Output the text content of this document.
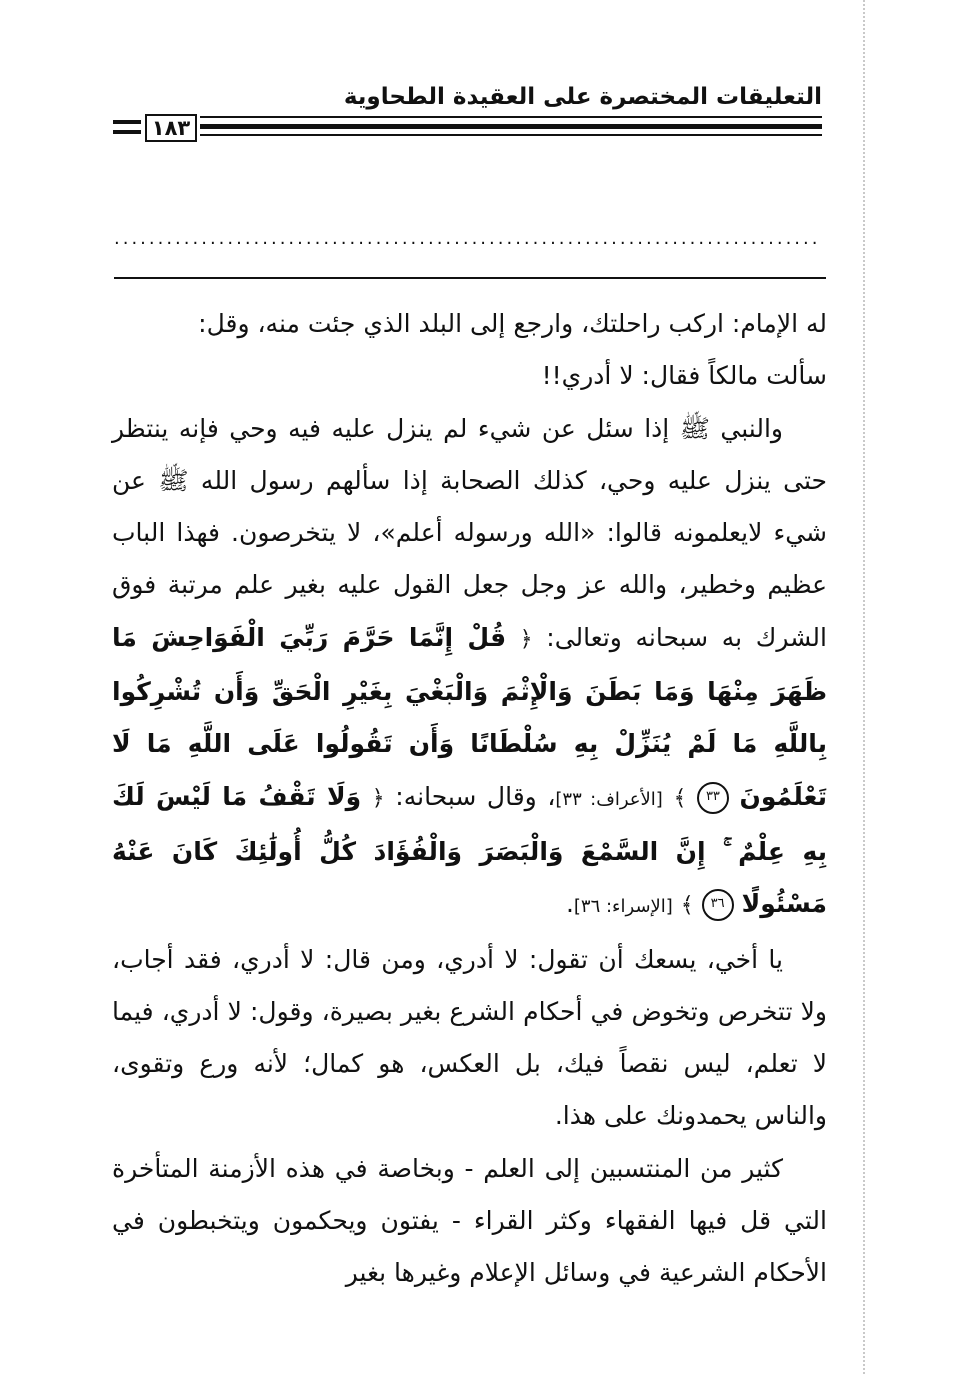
التعليقات المختصرة على العقيدة الطحاوية
١٨٣
.................................................................................

له الإمام: اركب راحلتك، وارجع إلى البلد الذي جئت منه، وقل:
سألت مالكاً فقال: لا أدري!!

والنبي ﷺ إذا سئل عن شيء لم ينزل عليه فيه وحي فإنه ينتظر حتى ينزل عليه وحي، كذلك الصحابة إذا سألهم رسول الله ﷺ عن شيء لايعلمونه قالوا: «الله ورسوله أعلم»، لا يتخرصون. فهذا الباب عظيم وخطير، والله عز وجل جعل القول عليه بغير علم مرتبة فوق الشرك به سبحانه وتعالى: ﴿ قُلْ إِنَّمَا حَرَّمَ رَبِّيَ الْفَوَاحِشَ مَا ظَهَرَ مِنْهَا وَمَا بَطَنَ وَالْإِثْمَ وَالْبَغْيَ بِغَيْرِ الْحَقِّ وَأَن تُشْرِكُوا بِاللَّهِ مَا لَمْ يُنَزِّلْ بِهِ سُلْطَانًا وَأَن تَقُولُوا عَلَى اللَّهِ مَا لَا تَعْلَمُونَ ٣٣ ﴾ [الأعراف: ٣٣]، وقال سبحانه: ﴿ وَلَا تَقْفُ مَا لَيْسَ لَكَ بِهِ عِلْمٌ ۚ إِنَّ السَّمْعَ وَالْبَصَرَ وَالْفُؤَادَ كُلُّ أُولَٰئِكَ كَانَ عَنْهُ مَسْئُولًا ٣٦ ﴾ [الإسراء: ٣٦].

يا أخي، يسعك أن تقول: لا أدري، ومن قال: لا أدري، فقد أجاب، ولا تتخرص وتخوض في أحكام الشرع بغير بصيرة، وقول: لا أدري، فيما لا تعلم، ليس نقصاً فيك، بل العكس، هو كمال؛ لأنه ورع وتقوى، والناس يحمدونك على هذا.

كثير من المنتسبين إلى العلم - وبخاصة في هذه الأزمنة المتأخرة التي قل فيها الفقهاء وكثر القراء - يفتون ويحكمون ويتخبطون في الأحكام الشرعية في وسائل الإعلام وغيرها بغير
